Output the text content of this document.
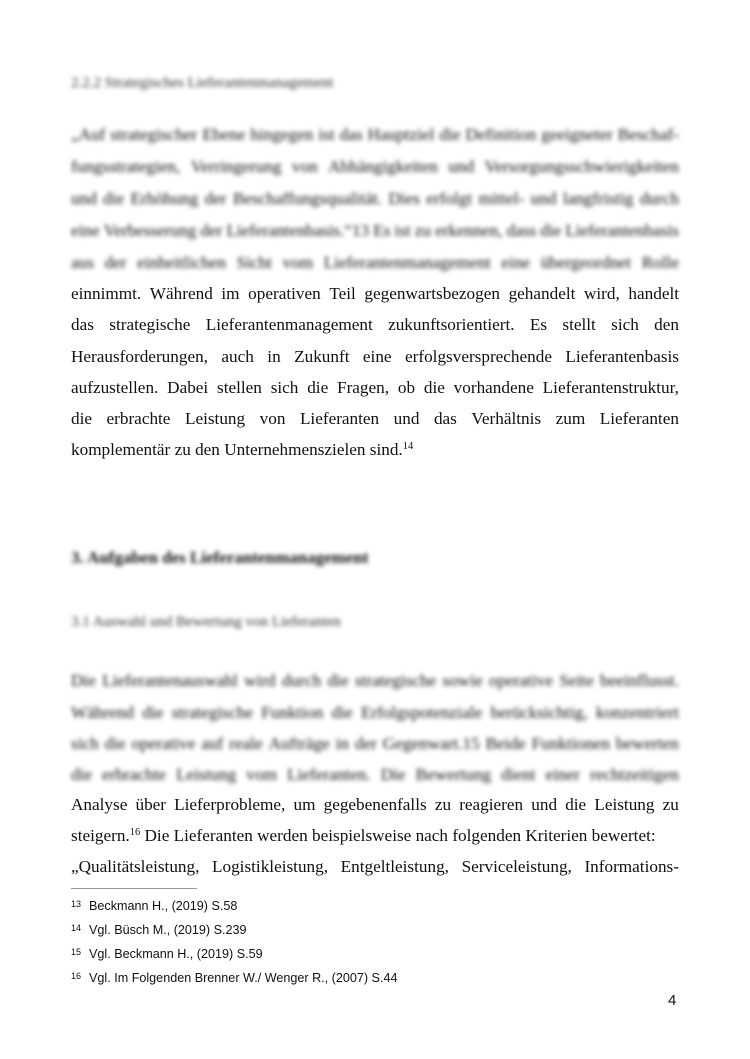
2.2.2 Strategisches Lieferantenmanagement
„Auf strategischer Ebene hingegen ist das Hauptziel die Definition geeigneter Beschaf-
fungsstrategien, Verringerung von Abhängigkeiten und Versorgungsschwierigkeiten
und die Erhöhung der Beschaffungsqualität. Dies erfolgt mittel- und langfristig durch
eine Verbesserung der Lieferantenbasis.“13 Es ist zu erkennen, dass die Lieferantenbasis
aus der einheitlichen Sicht vom Lieferantenmanagement eine übergeordnet Rolle
einnimmt. Während im operativen Teil gegenwartsbezogen gehandelt wird, handelt
das strategische Lieferantenmanagement zukunftsorientiert. Es stellt sich den
Herausforderungen, auch in Zukunft eine erfolgsversprechende Lieferantenbasis
aufzustellen. Dabei stellen sich die Fragen, ob die vorhandene Lieferantenstruktur,
die erbrachte Leistung von Lieferanten und das Verhältnis zum Lieferanten
komplementär zu den Unternehmenszielen sind.$^{14}$
3. Aufgaben des Lieferantenmanagement
3.1 Auswahl und Bewertung von Lieferanten
Die Lieferantenauswahl wird durch die strategische sowie operative Seite beeinflusst.
Während die strategische Funktion die Erfolgspotenziale berücksichtig, konzentriert
sich die operative auf reale Aufträge in der Gegenwart.15 Beide Funktionen bewerten
die erbrachte Leistung vom Lieferanten. Die Bewertung dient einer rechtzeitigen
Analyse über Lieferprobleme, um gegebenenfalls zu reagieren und die Leistung zu
steigern.$^{16}$ Die Lieferanten werden beispielsweise nach folgenden Kriterien bewertet:
„Qualitätsleistung, Logistikleistung, Entgeltleistung, Serviceleistung, Informations-
13 Beckmann H., (2019) S.58
14 Vgl. Büsch M., (2019) S.239
15 Vgl. Beckmann H., (2019) S.59
16 Vgl. Im Folgenden Brenner W./ Wenger R., (2007) S.44
4
